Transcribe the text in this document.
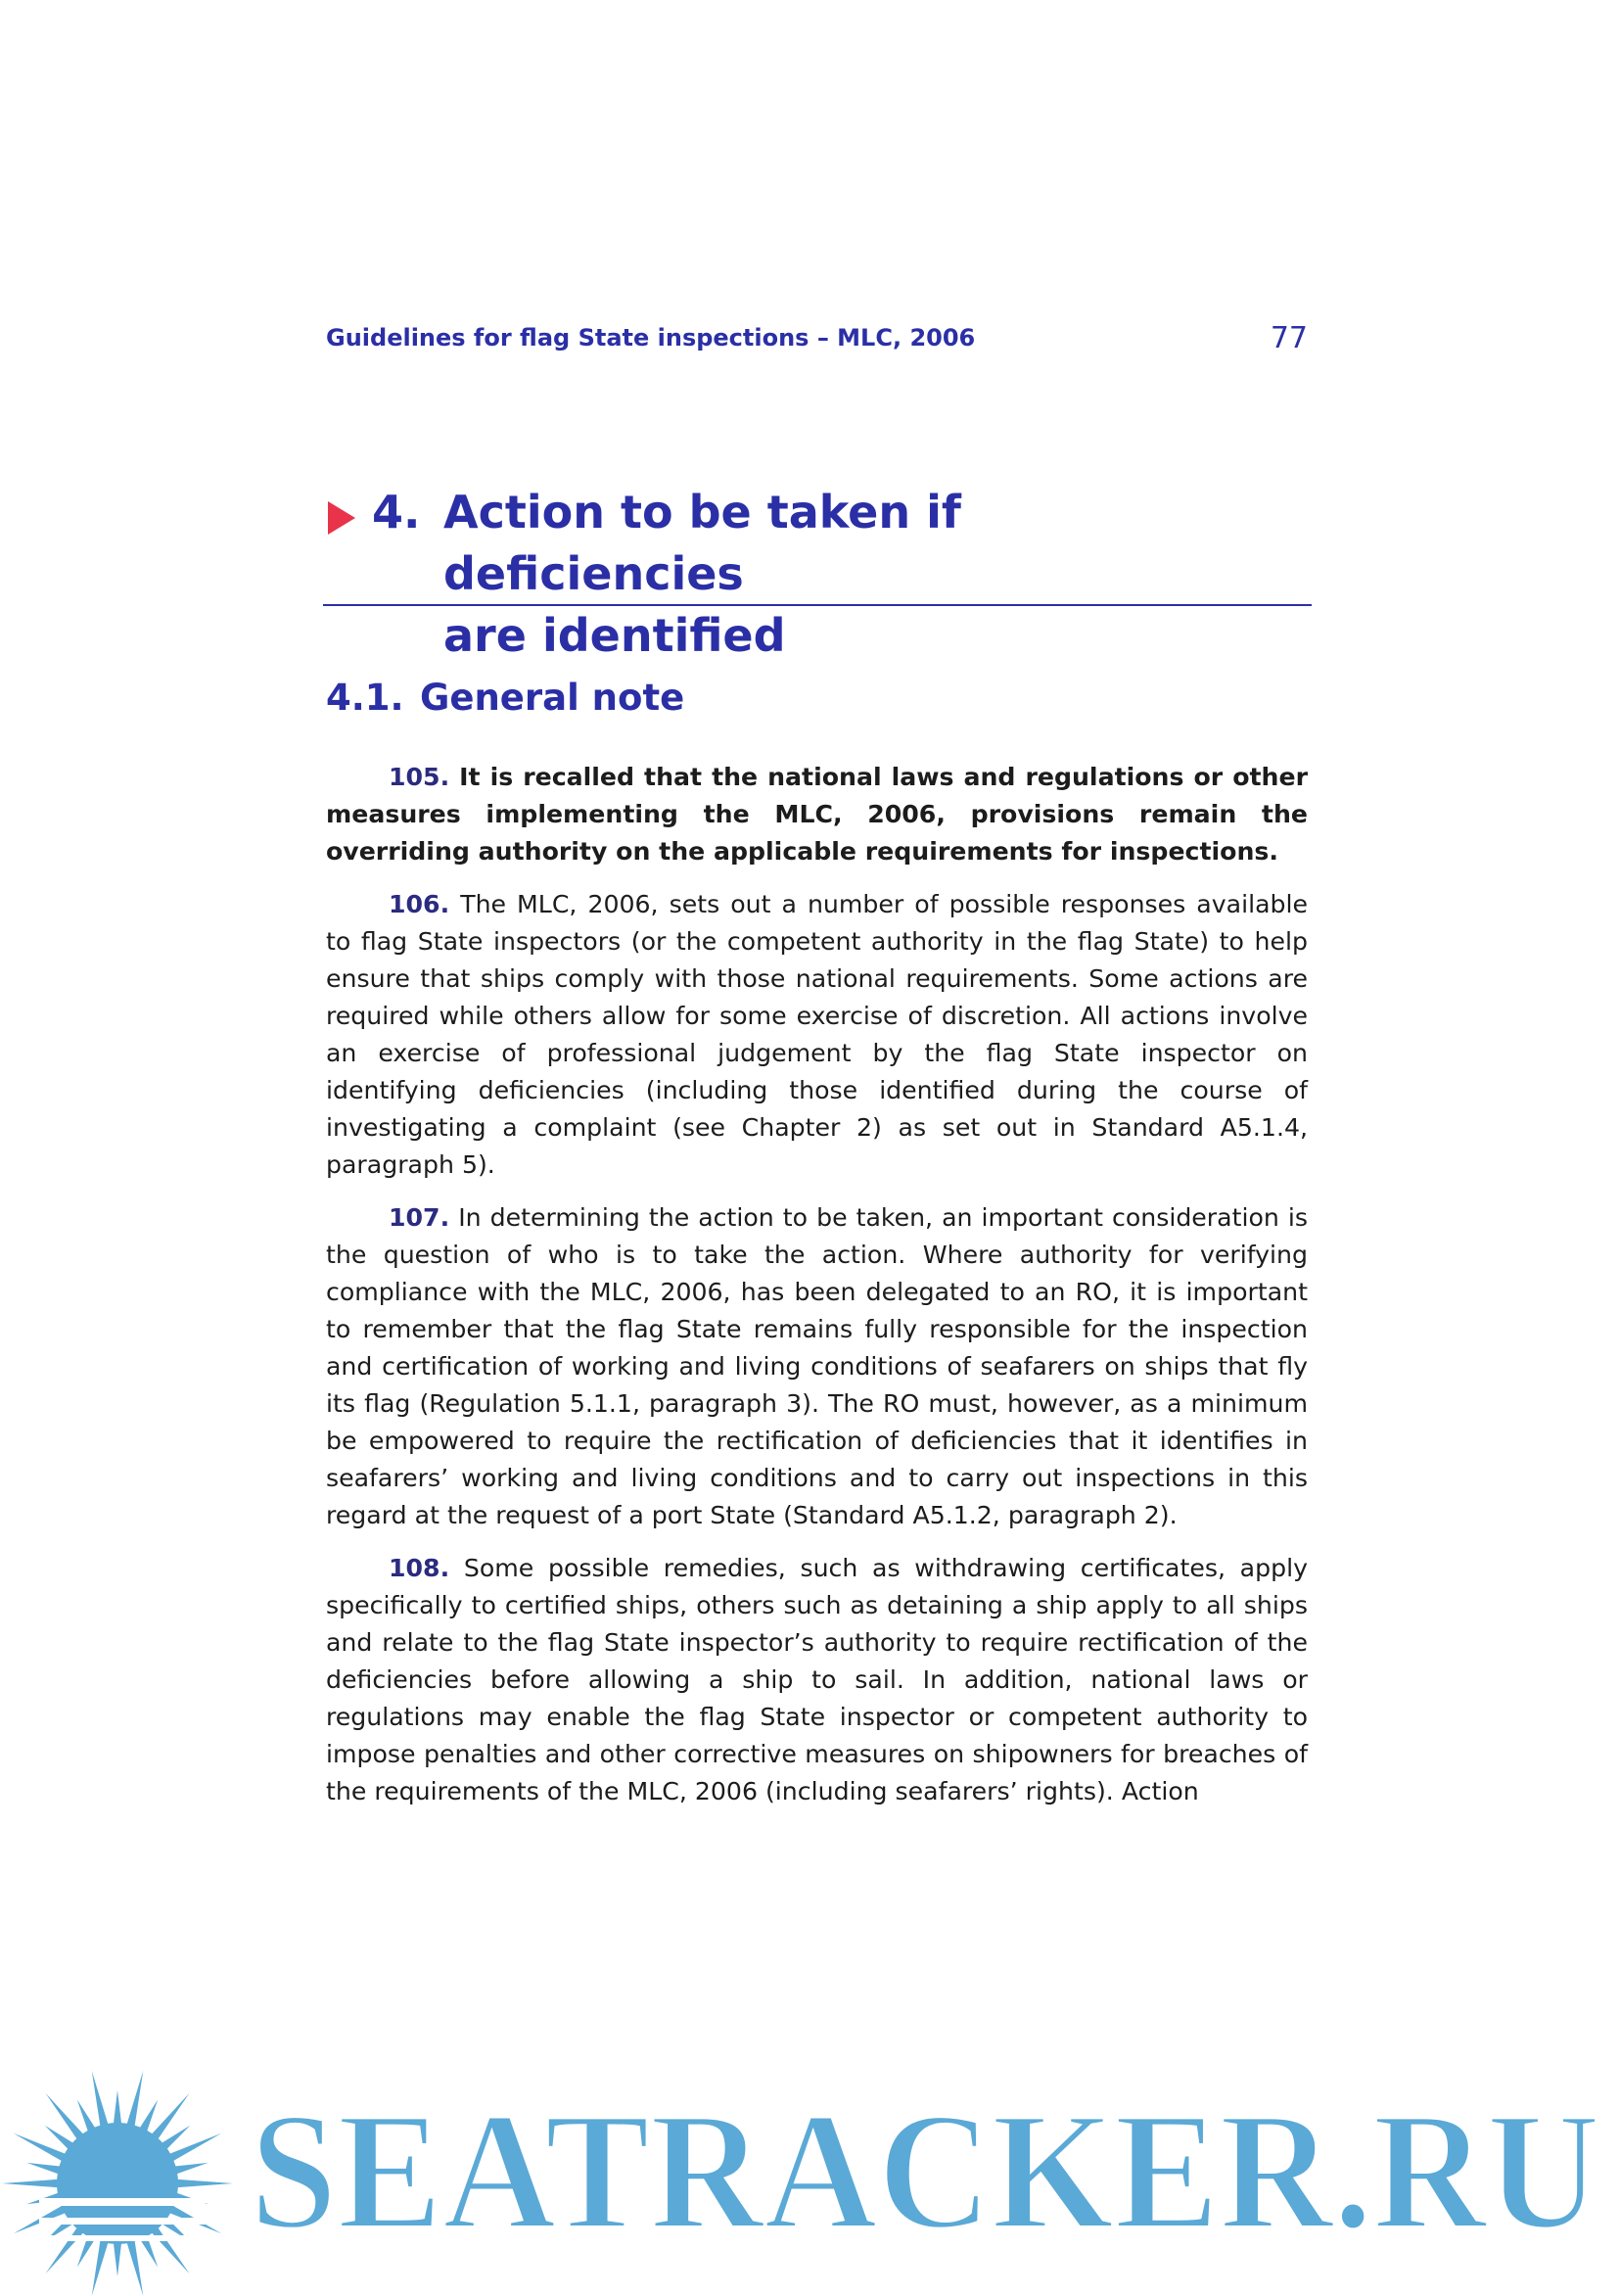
Guidelines for flag State inspections – MLC, 2006	77
4. Action to be taken if deficiencies
are identified
4.1. General note

105. It is recalled that the national laws and regulations or other measures implementing the MLC, 2006, provisions remain the overriding authority on the applicable requirements for inspections.

106. The MLC, 2006, sets out a number of possible responses available to flag State inspectors (or the competent authority in the flag State) to help ensure that ships comply with those national requirements. Some actions are required while others allow for some exercise of discretion. All actions involve an exercise of professional judgement by the flag State inspector on identifying deficiencies (including those identified during the course of investigating a complaint (see Chapter 2) as set out in Standard A5.1.4, paragraph 5).

107. In determining the action to be taken, an important consideration is the question of who is to take the action. Where authority for verifying compliance with the MLC, 2006, has been delegated to an RO, it is important to remember that the flag State remains fully responsible for the inspection and certification of working and living conditions of seafarers on ships that fly its flag (Regulation 5.1.1, paragraph 3). The RO must, however, as a minimum be empowered to require the rectification of deficiencies that it identifies in seafarers’ working and living conditions and to carry out inspections in this regard at the request of a port State (Standard A5.1.2, paragraph 2).

108. Some possible remedies, such as withdrawing certificates, apply specifically to certified ships, others such as detaining a ship apply to all ships and relate to the flag State inspector’s authority to require rectification of the deficiencies before allowing a ship to sail. In addition, national laws or regulations may enable the flag State inspector or competent authority to impose penalties and other corrective measures on shipowners for breaches of the requirements of the MLC, 2006 (including seafarers’ rights). Action

SEATRACKER.RU
